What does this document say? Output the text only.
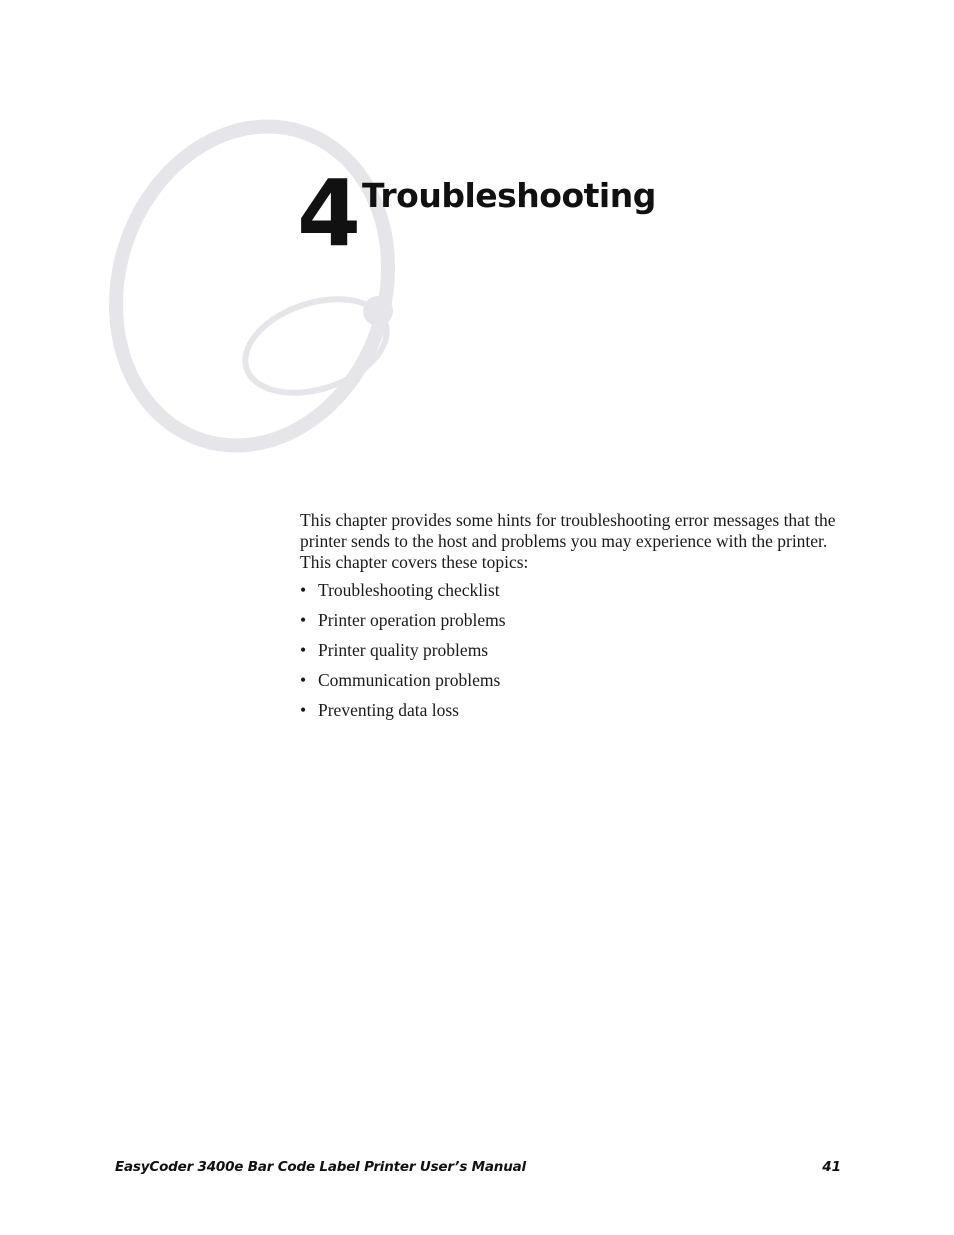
4 Troubleshooting

This chapter provides some hints for troubleshooting error messages that the printer sends to the host and problems you may experience with the printer. This chapter covers these topics:

• Troubleshooting checklist
• Printer operation problems
• Printer quality problems
• Communication problems
• Preventing data loss
EasyCoder 3400e Bar Code Label Printer User’s Manual	41
